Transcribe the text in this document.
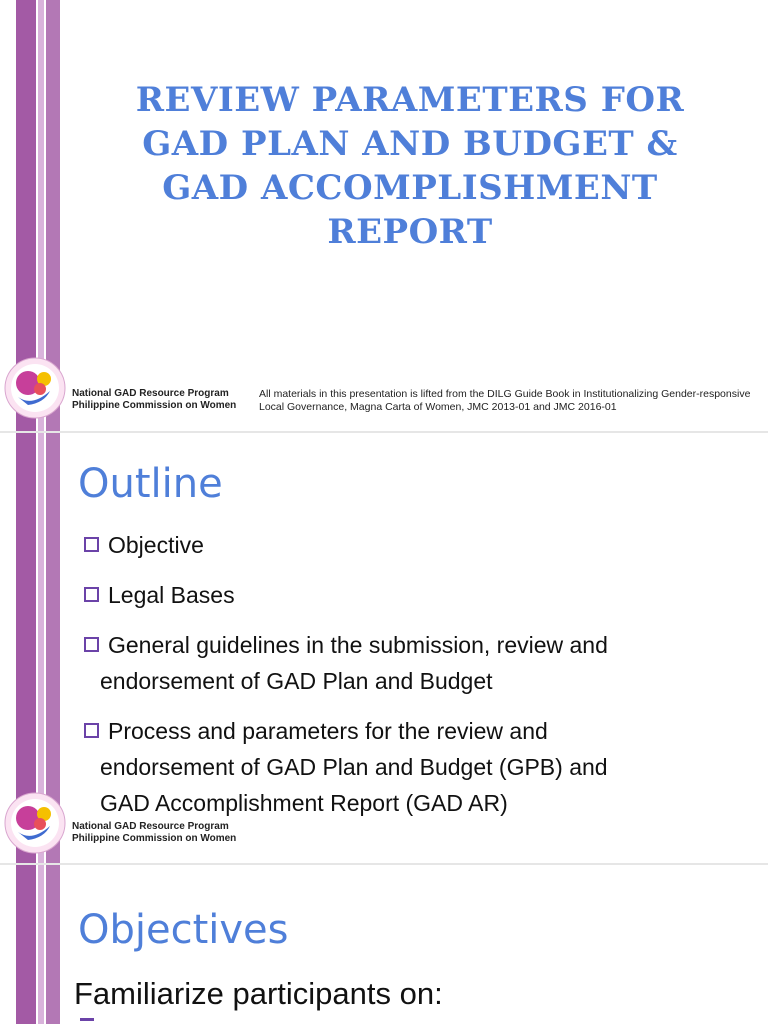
REVIEW PARAMETERS FOR
GAD PLAN AND BUDGET &
GAD ACCOMPLISHMENT
REPORT
National GAD Resource Program
Philippine Commission on Women
All materials in this presentation is lifted from the DILG Guide Book in Institutionalizing Gender-responsive Local Governance, Magna Carta of Women, JMC 2013-01 and JMC 2016-01
Outline
Objective
Legal Bases
General guidelines in the submission, review and
endorsement of GAD Plan and Budget
Process and parameters for the review and
endorsement of GAD Plan and Budget (GPB) and
GAD Accomplishment Report (GAD AR)
National GAD Resource Program
Philippine Commission on Women
Objectives
Familiarize participants on:
